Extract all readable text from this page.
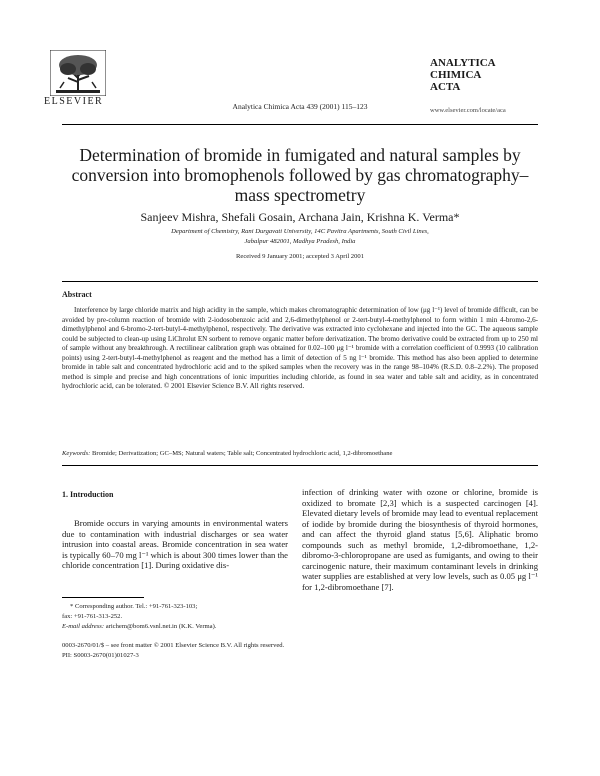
ELSEVIER	Analytica Chimica Acta 439 (2001) 115–123
ANALYTICA
CHIMICA
ACTA
www.elsevier.com/locate/aca
Determination of bromide in fumigated and natural samples by conversion into bromophenols followed by gas chromatography–mass spectrometry
Sanjeev Mishra, Shefali Gosain, Archana Jain, Krishna K. Verma*
Department of Chemistry, Rani Durgavati University, 14C Pavitra Apartments, South Civil Lines,
Jabalpur 482001, Madhya Pradesh, India
Received 9 January 2001; accepted 3 April 2001
Abstract
Interference by large chloride matrix and high acidity in the sample, which makes chromatographic determination of low (μg l⁻¹) level of bromide difficult, can be avoided by pre-column reaction of bromide with 2-iodosobenzoic acid and 2,6-dimethylphenol or 2-tert-butyl-4-methylphenol to form within 1 min 4-bromo-2,6-dimethylphenol and 6-bromo-2-tert-butyl-4-methylphenol, respectively. The derivative was extracted into cyclohexane and injected into the GC. The aqueous sample could be subjected to clean-up using LiChrolut EN sorbent to remove organic matter before derivatization. The bromo derivative could be extracted from up to 250 ml of sample without any breakthrough. A rectilinear calibration graph was obtained for 0.02–100 μg l⁻¹ bromide with a correlation coefficient of 0.9993 (10 calibration points) using 2-tert-butyl-4-methylphenol as reagent and the method has a limit of detection of 5 ng l⁻¹ bromide. This method has also been applied to determine bromide in table salt and concentrated hydrochloric acid and to the spiked samples when the recovery was in the range 98–104% (R.S.D. 0.8–2.2%). The proposed method is simple and precise and high concentrations of ionic impurities including chloride, as found in sea water and table salt and acidity, as in concentrated hydrochloric acid, can be tolerated. © 2001 Elsevier Science B.V. All rights reserved.
Keywords: Bromide; Derivatization; GC–MS; Natural waters; Table salt; Concentrated hydrochloric acid, 1,2-dibromoethane
1. Introduction
Bromide occurs in varying amounts in environmental waters due to contamination with industrial discharges or sea water intrusion into coastal areas. Bromide concentration in sea water is typically 60–70 mg l⁻¹ which is about 300 times lower than the chloride concentration [1]. During oxidative dis-
infection of drinking water with ozone or chlorine, bromide is oxidized to bromate [2,3] which is a suspected carcinogen [4]. Elevated dietary levels of bromide may lead to eventual replacement of iodide by bromide during the biosynthesis of thyroid hormones, and can affect the thyroid gland status [5,6]. Aliphatic bromo compounds such as methyl bromide, 1,2-dibromoethane, 1,2-dibromo-3-chloropropane are used as fumigants, and owing to their carcinogenic nature, their maximum contaminant levels in drinking water supplies are established at very low levels, such as 0.05 μg l⁻¹ for 1,2-dibromoethane [7].
* Corresponding author. Tel.: +91-761-323-103;
fax: +91-761-313-252.
E-mail address: arichem@bom6.vsnl.net.in (K.K. Verma).
0003-2670/01/$ – see front matter © 2001 Elsevier Science B.V. All rights reserved.
PII: S0003-2670(01)01027-3
